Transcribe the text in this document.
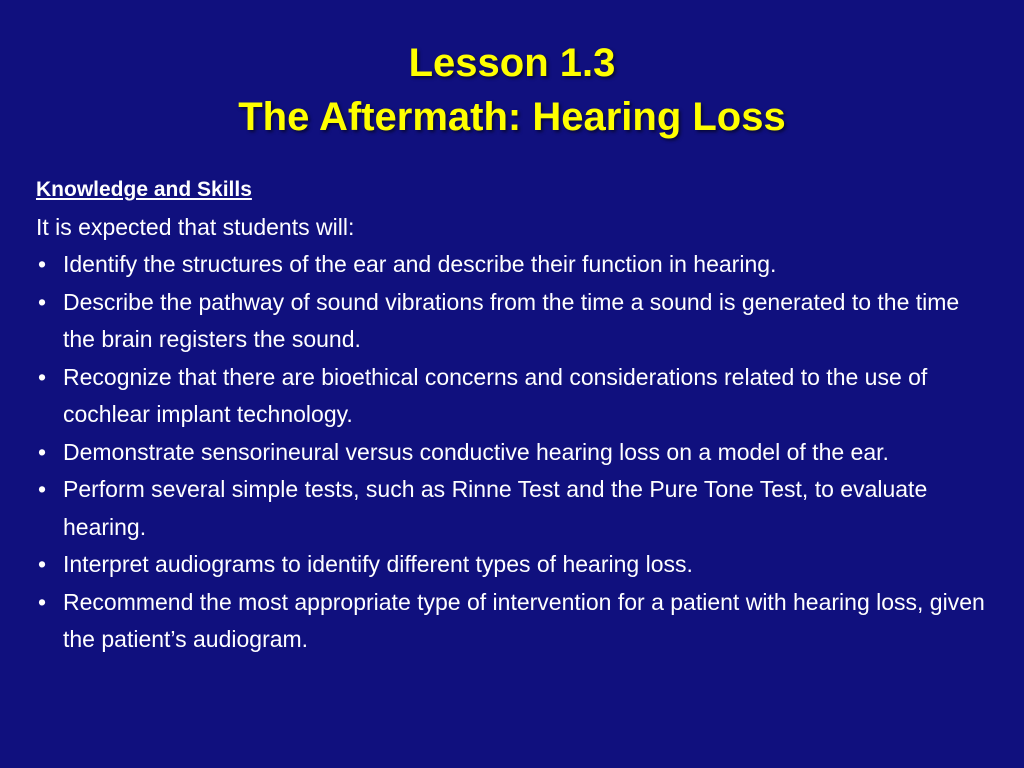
Lesson 1.3
The Aftermath: Hearing Loss
Knowledge and Skills
It is expected that students will:
• Identify the structures of the ear and describe their function in hearing.
• Describe the pathway of sound vibrations from the time a sound is generated to the time the brain registers the sound.
• Recognize that there are bioethical concerns and considerations related to the use of cochlear implant technology.
• Demonstrate sensorineural versus conductive hearing loss on a model of the ear.
• Perform several simple tests, such as Rinne Test and the Pure Tone Test, to evaluate hearing.
• Interpret audiograms to identify different types of hearing loss.
• Recommend the most appropriate type of intervention for a patient with hearing loss, given the patient’s audiogram.
